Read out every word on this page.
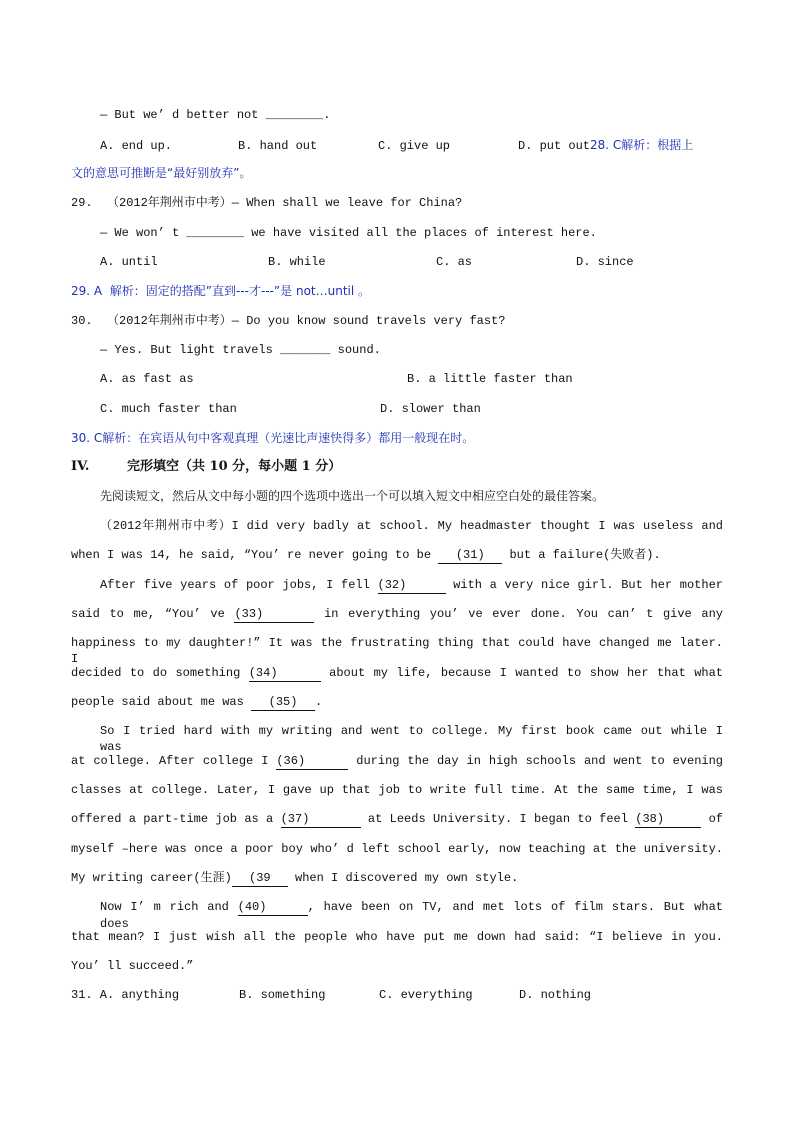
— But we’ d better not ________.
A. end up.	B. hand out	C. give up	D. put out28. C解析：根据上
文的意思可推断是“最好别放弃”。
29.  （2012年荆州市中考）— When shall we leave for China?
— We won’ t ________ we have visited all the places of interest here.
A. until	B. while	C. as	D. since
29. A  解析：固定的搭配”直到---才---”是 not…until 。
30.  （2012年荆州市中考）— Do you know sound travels very fast?
— Yes. But light travels _______ sound.
A. as fast as	B. a little faster than
C. much faster than	D. slower than
30. C解析：在宾语从句中客观真理（光速比声速快得多）都用一般现在时。
IV.	完形填空（共 10 分，每小题 1 分）
先阅读短文，然后从文中每小题的四个选项中选出一个可以填入短文中相应空白处的最佳答案。
（2012年荆州市中考）I did very badly at school. My headmaster thought I was useless and
when I was 14, he said, “You’ re never going to be (31) but a failure(失败者).
After five years of poor jobs, I fell (32)	with a very nice girl. But her mother
said to me, “You’ ve (33)	in everything you’ ve ever done. You can’ t give any
happiness to my daughter!” It was the frustrating thing that could have changed me later. I
decided to do something (34)	about my life, because I wanted to show her that what
people said about me was (35) .
So I tried hard with my writing and went to college. My first book came out while I was
at college. After college I (36)	during the day in high schools and went to evening
classes at college. Later, I gave up that job to write full time. At the same time, I was
offered a part-time job as a (37)	at Leeds University. I began to feel (38)	of
myself –here was once a poor boy who’ d left school early, now teaching at the university.
My writing career(生涯) (39 when I discovered my own style.
Now I’ m rich and (40)	, have been on TV, and met lots of film stars. But what does
that mean? I just wish all the people who have put me down had said: “I believe in you.
You’ ll succeed.”
31. A. anything	B. something	C. everything	D. nothing
